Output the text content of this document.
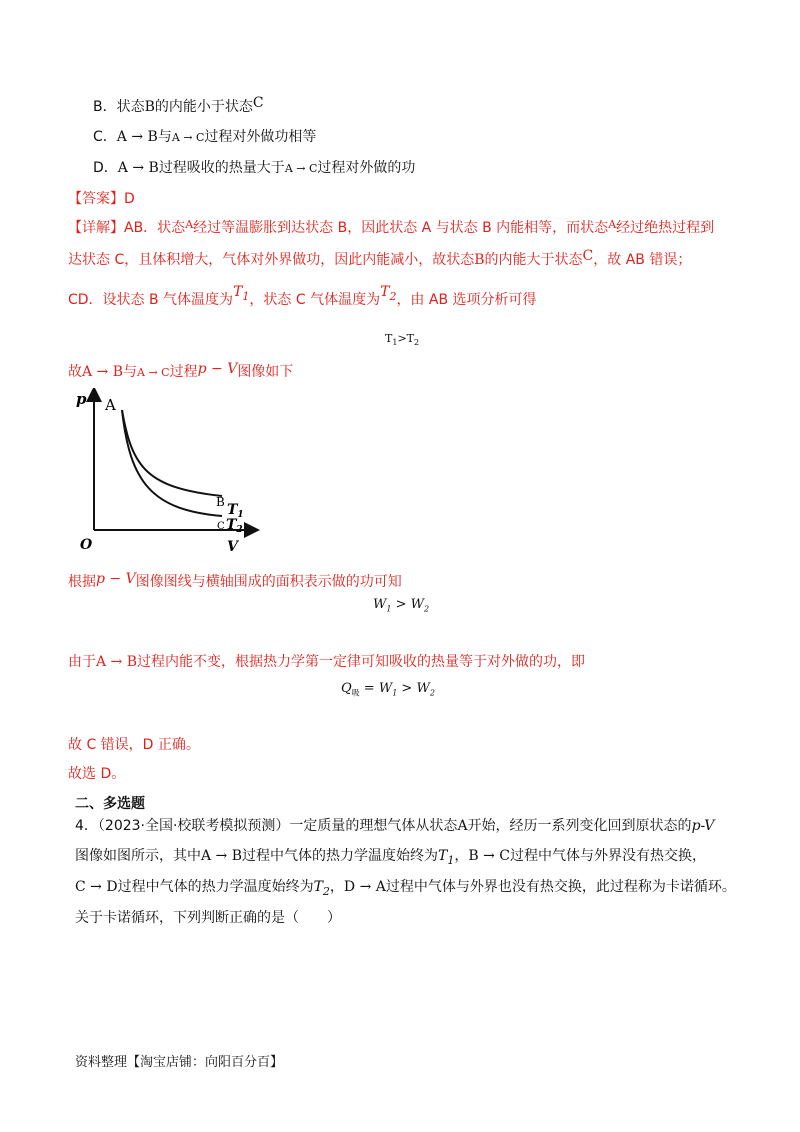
B．状态B的内能小于状态C
C．A → B与A → C过程对外做功相等
D．A → B过程吸收的热量大于A → C过程对外做的功
【答案】D
【详解】AB．状态$^A$经过等温膨胀到达状态 B，因此状态 A 与状态 B 内能相等，而状态$^A$经过绝热过程到
达状态 C，且体积增大，气体对外界做功，因此内能减小，故状态B的内能大于状态C，故 AB 错误；
CD．设状态 B 气体温度为$T_1$，状态 C 气体温度为$T_2$，由 AB 选项分析可得
$T_1>T_2$
故A → B与A → C过程p − V图像如下
p
V
O
A
B
C
$T_1$
$T_2$
根据p − V图像图线与横轴围成的面积表示做的功可知
$W_1 > W_2$
由于A → B过程内能不变，根据热力学第一定律可知吸收的热量等于对外做的功，即
$Q_吸 = W_1 > W_2$
故 C 错误，D 正确。
故选 D。
二、多选题
4．（2023·全国·校联考模拟预测）一定质量的理想气体从状态A开始，经历一系列变化回到原状态的p-V
图像如图所示，其中A → B过程中气体的热力学温度始终为$T_1$，B → C过程中气体与外界没有热交换，
C → D过程中气体的热力学温度始终为$T_2$，D → A过程中气体与外界也没有热交换，此过程称为卡诺循环。
关于卡诺循环，下列判断正确的是（　　）
资料整理【淘宝店铺：向阳百分百】
